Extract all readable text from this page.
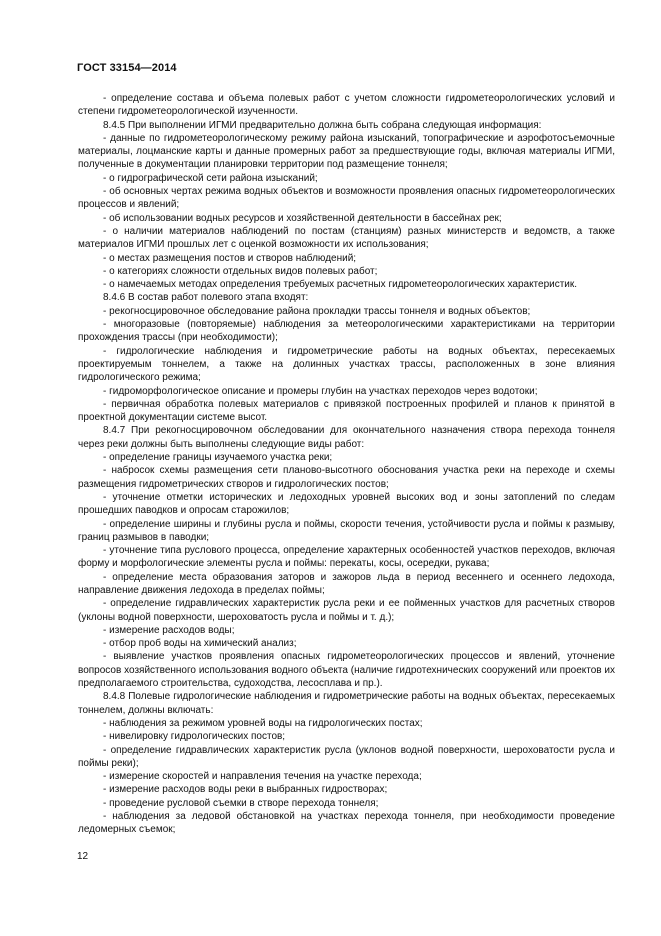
ГОСТ 33154—2014

- определение состава и объема полевых работ с учетом сложности гидрометеорологических условий и степени гидрометеорологической изученности.

8.4.5 При выполнении ИГМИ предварительно должна быть собрана следующая информация:

- данные по гидрометеорологическому режиму района изысканий, топографические и аэрофотосъемочные материалы, лоцманские карты и данные промерных работ за предшествующие годы, включая материалы ИГМИ, полученные в документации планировки территории под размещение тоннеля;

- о гидрографической сети района изысканий;

- об основных чертах режима водных объектов и возможности проявления опасных гидрометеорологических процессов и явлений;

- об использовании водных ресурсов и хозяйственной деятельности в бассейнах рек;

- о наличии материалов наблюдений по постам (станциям) разных министерств и ведомств, а также материалов ИГМИ прошлых лет с оценкой возможности их использования;

- о местах размещения постов и створов наблюдений;

- о категориях сложности отдельных видов полевых работ;

- о намечаемых методах определения требуемых расчетных гидрометеорологических характеристик.

8.4.6 В состав работ полевого этапа входят:

- рекогносцировочное обследование района прокладки трассы тоннеля и водных объектов;

- многоразовые (повторяемые) наблюдения за метеорологическими характеристиками на территории прохождения трассы (при необходимости);

- гидрологические наблюдения и гидрометрические работы на водных объектах, пересекаемых проектируемым тоннелем, а также на долинных участках трассы, расположенных в зоне влияния гидрологического режима;

- гидроморфологическое описание и промеры глубин на участках переходов через водотоки;

- первичная обработка полевых материалов с привязкой построенных профилей и планов к принятой в проектной документации системе высот.

8.4.7 При рекогносцировочном обследовании для окончательного назначения створа перехода тоннеля через реки должны быть выполнены следующие виды работ:

- определение границы изучаемого участка реки;

- набросок схемы размещения сети планово-высотного обоснования участка реки на переходе и схемы размещения гидрометрических створов и гидрологических постов;

- уточнение отметки исторических и ледоходных уровней высоких вод и зоны затоплений по следам прошедших паводков и опросам старожилов;

- определение ширины и глубины русла и поймы, скорости течения, устойчивости русла и поймы к размыву, границ размывов в паводки;

- уточнение типа руслового процесса, определение характерных особенностей участков переходов, включая форму и морфологические элементы русла и поймы: перекаты, косы, осередки, рукава;

- определение места образования заторов и зажоров льда в период весеннего и осеннего ледохода, направление движения ледохода в пределах поймы;

- определение гидравлических характеристик русла реки и ее пойменных участков для расчетных створов (уклоны водной поверхности, шероховатость русла и поймы и т. д.);

- измерение расходов воды;

- отбор проб воды на химический анализ;

- выявление участков проявления опасных гидрометеорологических процессов и явлений, уточнение вопросов хозяйственного использования водного объекта (наличие гидротехнических сооружений или проектов их предполагаемого строительства, судоходства, лесосплава и пр.).

8.4.8 Полевые гидрологические наблюдения и гидрометрические работы на водных объектах, пересекаемых тоннелем, должны включать:

- наблюдения за режимом уровней воды на гидрологических постах;

- нивелировку гидрологических постов;

- определение гидравлических характеристик русла (уклонов водной поверхности, шероховатости русла и поймы реки);

- измерение скоростей и направления течения на участке перехода;

- измерение расходов воды реки в выбранных гидростворах;

- проведение русловой съемки в створе перехода тоннеля;

- наблюдения за ледовой обстановкой на участках перехода тоннеля, при необходимости проведение ледомерных съемок;

12
